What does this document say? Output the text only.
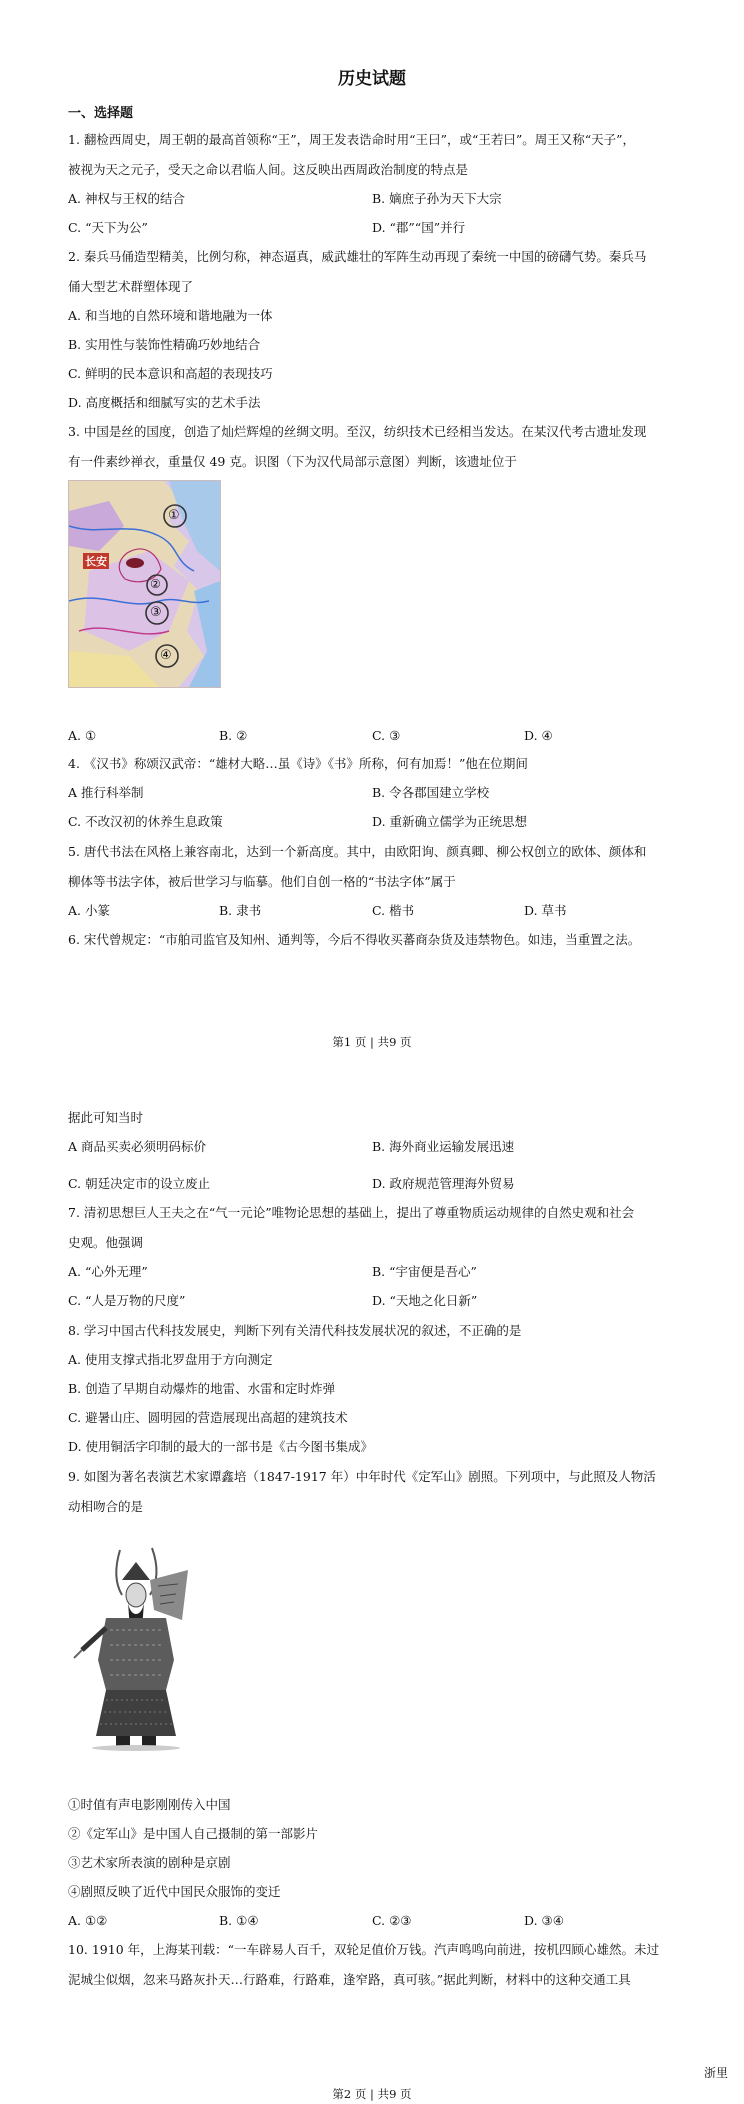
历史试题
一、选择题
1. 翻检西周史，周王朝的最高首领称“王”，周王发表诰命时用“王曰”，或“王若曰”。周王又称“天子”，
被视为天之元子，受天之命以君临人间。这反映出西周政治制度的特点是
A. 神权与王权的结合	B. 嫡庶子孙为天下大宗
C. “天下为公”	D. “郡”“国”并行
2. 秦兵马俑造型精美，比例匀称，神态逼真，威武雄壮的军阵生动再现了秦统一中国的磅礴气势。秦兵马
俑大型艺术群塑体现了
A. 和当地的自然环境和谐地融为一体
B. 实用性与装饰性精确巧妙地结合
C. 鲜明的民本意识和高超的表现技巧
D. 高度概括和细腻写实的艺术手法
3. 中国是丝的国度，创造了灿烂辉煌的丝绸文明。至汉，纺织技术已经相当发达。在某汉代考古遗址发现
有一件素纱禅衣，重量仅 49 克。识图（下为汉代局部示意图）判断，该遗址位于
①
②
③
④
长安
A. ①	B. ②	C. ③	D. ④
4. 《汉书》称颂汉武帝：“雄材大略…虽《诗》《书》所称，何有加焉！”他在位期间
A 推行科举制	B. 令各郡国建立学校
C. 不改汉初的休养生息政策	D. 重新确立儒学为正统思想
5. 唐代书法在风格上兼容南北，达到一个新高度。其中，由欧阳询、颜真卿、柳公权创立的欧体、颜体和
柳体等书法字体，被后世学习与临摹。他们自创一格的“书法字体”属于
A. 小篆	B. 隶书	C. 楷书	D. 草书
6. 宋代曾规定：“市舶司监官及知州、通判等，今后不得收买蕃商杂货及违禁物色。如违，当重置之法。
第1 页 | 共9 页
据此可知当时
A 商品买卖必须明码标价	B. 海外商业运输发展迅速
C. 朝廷决定市的设立废止	D. 政府规范管理海外贸易
7. 清初思想巨人王夫之在“气一元论”唯物论思想的基础上，提出了尊重物质运动规律的自然史观和社会
史观。他强调
A. “心外无理”	B. “宇宙便是吾心”
C. “人是万物的尺度”	D. “天地之化日新”
8. 学习中国古代科技发展史，判断下列有关清代科技发展状况的叙述，不正确的是
A. 使用支撑式指北罗盘用于方向测定
B. 创造了早期自动爆炸的地雷、水雷和定时炸弹
C. 避暑山庄、圆明园的营造展现出高超的建筑技术
D. 使用铜活字印制的最大的一部书是《古今图书集成》
9. 如图为著名表演艺术家谭鑫培（1847-1917 年）中年时代《定军山》剧照。下列项中，与此照及人物活
动相吻合的是
①时值有声电影刚刚传入中国
②《定军山》是中国人自己摄制的第一部影片
③艺术家所表演的剧种是京剧
④剧照反映了近代中国民众服饰的变迁
A. ①②	B. ①④	C. ②③	D. ③④
10. 1910 年，上海某刊载：“一车辟易人百千，双轮足值价万钱。汽声鸣鸣向前进，按机四顾心雄然。未过
泥城尘似烟，忽来马路灰扑天…行路难，行路难，逢窄路，真可骇。”据此判断，材料中的这种交通工具
浙里
第2 页 | 共9 页
